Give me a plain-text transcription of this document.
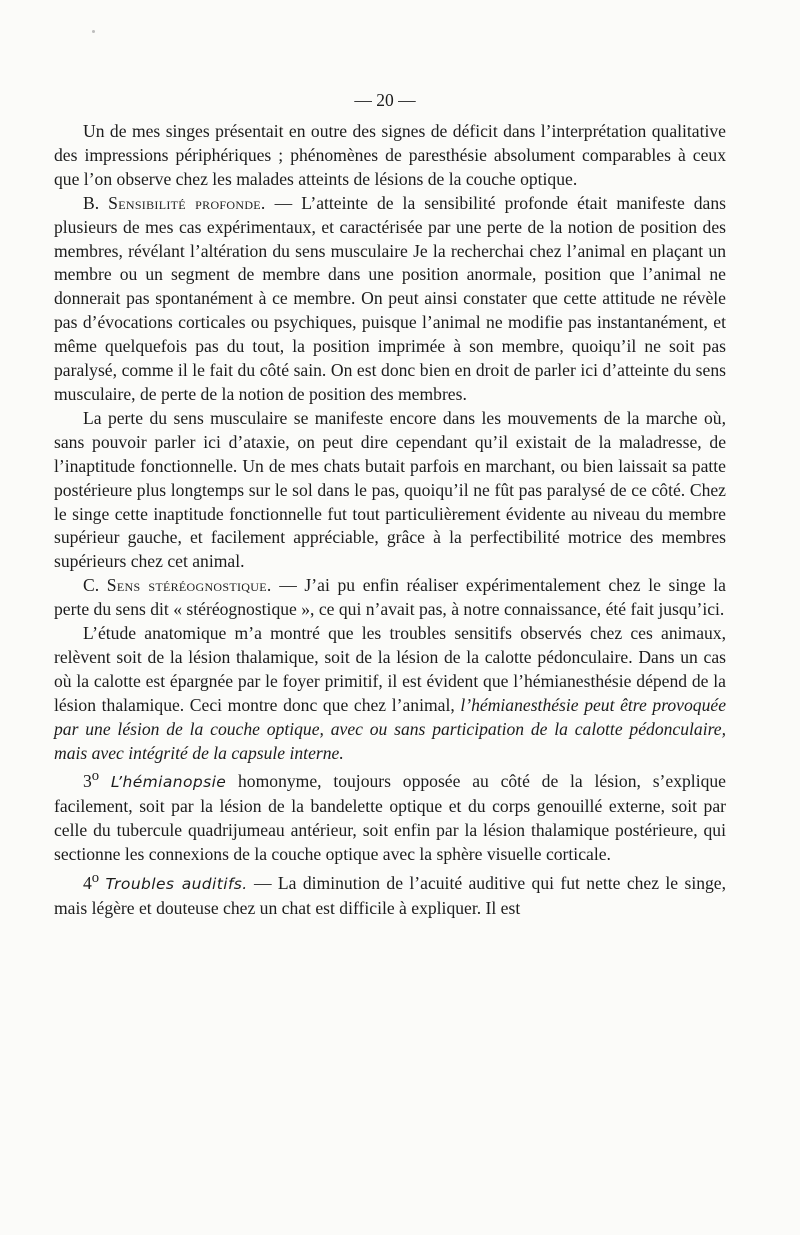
— 20 —

Un de mes singes présentait en outre des signes de déficit dans l’interprétation qualitative des impressions périphériques ; phénomènes de paresthésie absolument comparables à ceux que l’on observe chez les malades atteints de lésions de la couche optique.

B. Sensibilité profonde. — L’atteinte de la sensibilité profonde était manifeste dans plusieurs de mes cas expérimentaux, et caractérisée par une perte de la notion de position des membres, révélant l’altération du sens musculaire Je la recherchai chez l’animal en plaçant un membre ou un segment de membre dans une position anormale, position que l’animal ne donnerait pas spontanément à ce membre. On peut ainsi constater que cette attitude ne révèle pas d’évocations corticales ou psychiques, puisque l’animal ne modifie pas instantanément, et même quelquefois pas du tout, la position imprimée à son membre, quoiqu’il ne soit pas paralysé, comme il le fait du côté sain. On est donc bien en droit de parler ici d’atteinte du sens musculaire, de perte de la notion de position des membres.

La perte du sens musculaire se manifeste encore dans les mouvements de la marche où, sans pouvoir parler ici d’ataxie, on peut dire cependant qu’il existait de la maladresse, de l’inaptitude fonctionnelle. Un de mes chats butait parfois en marchant, ou bien laissait sa patte postérieure plus longtemps sur le sol dans le pas, quoiqu’il ne fût pas paralysé de ce côté. Chez le singe cette inaptitude fonctionnelle fut tout particulièrement évidente au niveau du membre supérieur gauche, et facilement appréciable, grâce à la perfectibilité motrice des membres supérieurs chez cet animal.

C. Sens stéréognostique. — J’ai pu enfin réaliser expérimentalement chez le singe la perte du sens dit « stéréognostique », ce qui n’avait pas, à notre connaissance, été fait jusqu’ici.

L’étude anatomique m’a montré que les troubles sensitifs observés chez ces animaux, relèvent soit de la lésion thalamique, soit de la lésion de la calotte pédonculaire. Dans un cas où la calotte est épargnée par le foyer primitif, il est évident que l’hémianesthésie dépend de la lésion thalamique. Ceci montre donc que chez l’animal, l’hémianesthésie peut être provoquée par une lésion de la couche optique, avec ou sans participation de la calotte pédonculaire, mais avec intégrité de la capsule interne.

3$^o$ L’hémianopsie homonyme, toujours opposée au côté de la lésion, s’explique facilement, soit par la lésion de la bandelette optique et du corps genouillé externe, soit par celle du tubercule quadrijumeau antérieur, soit enfin par la lésion thalamique postérieure, qui sectionne les connexions de la couche optique avec la sphère visuelle corticale.

4$^o$ Troubles auditifs. — La diminution de l’acuité auditive qui fut nette chez le singe, mais légère et douteuse chez un chat est difficile à expliquer. Il est
